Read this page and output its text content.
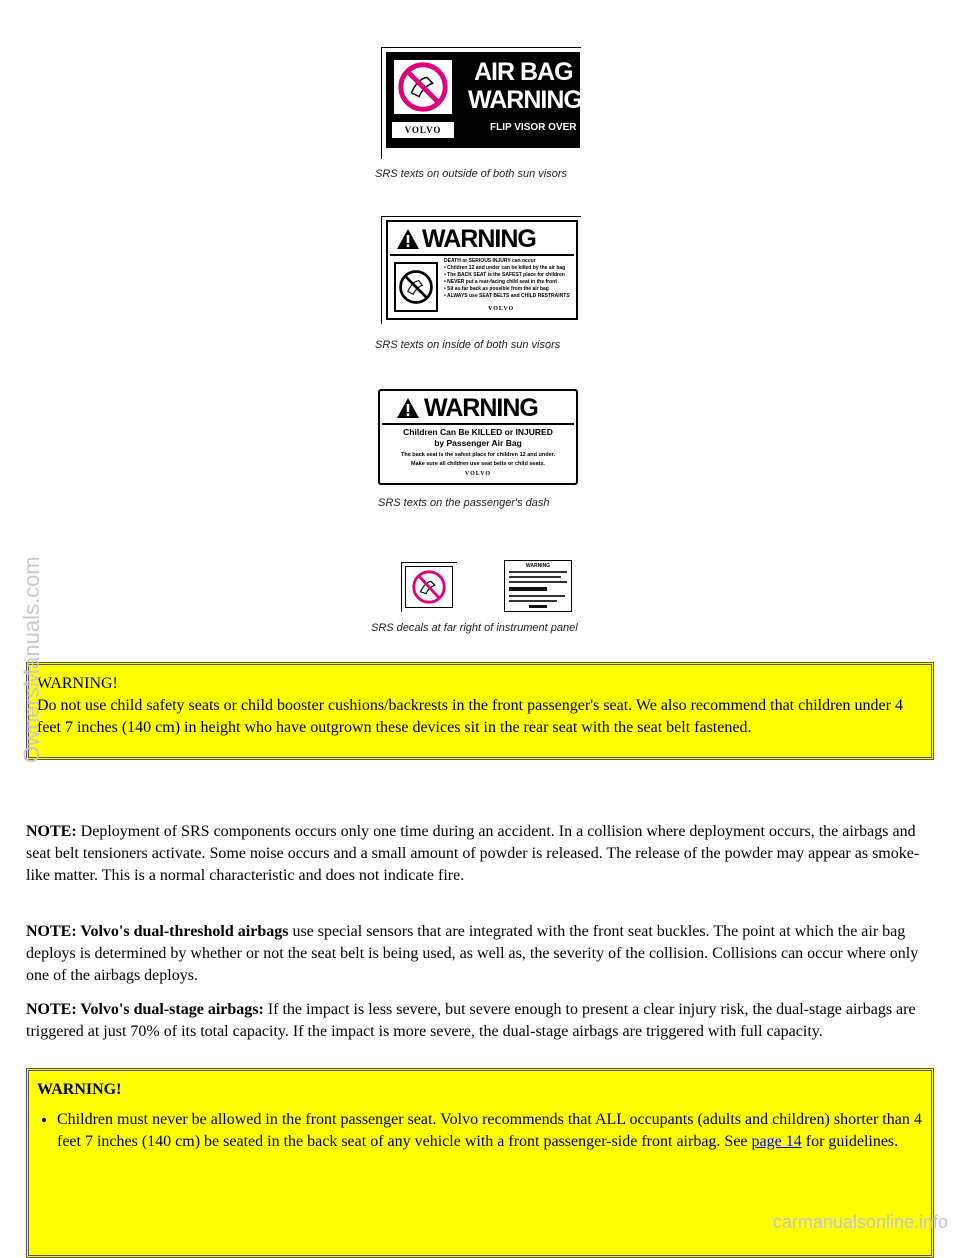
AIR BAG
WARNING
FLIP VISOR OVER
VOLVO
SRS texts on outside of both sun visors
WARNING
DEATH or SERIOUS INJURY can occur
• Children 12 and under can be killed by the air bag
• The BACK SEAT is the SAFEST place for children
• NEVER put a rear-facing child seat in the front
• Sit as far back as possible from the air bag
• ALWAYS use SEAT BELTS and CHILD RESTRAINTS
VOLVO
SRS texts on inside of both sun visors
WARNING
Children Can Be KILLED or INJURED
by Passenger Air Bag
The back seat is the safest place for children 12 and under.
Make sure all children use seat belts or child seats.
VOLVO
SRS texts on the passenger's dash
WARNING
SRS decals at far right of instrument panel
WARNING!
Do not use child safety seats or child booster cushions/backrests in the front passenger's seat. We also recommend that children under 4 feet 7 inches (140 cm) in height who have outgrown these devices sit in the rear seat with the seat belt fastened.

NOTE: Deployment of SRS components occurs only one time during an accident. In a collision where deployment occurs, the airbags and seat belt tensioners activate. Some noise occurs and a small amount of powder is released. The release of the powder may appear as smoke-like matter. This is a normal characteristic and does not indicate fire.

NOTE: Volvo's dual-threshold airbags use special sensors that are integrated with the front seat buckles. The point at which the air bag deploys is determined by whether or not the seat belt is being used, as well as, the severity of the collision. Collisions can occur where only one of the airbags deploys.

NOTE: Volvo's dual-stage airbags: If the impact is less severe, but severe enough to present a clear injury risk, the dual-stage airbags are triggered at just 70% of its total capacity. If the impact is more severe, the dual-stage airbags are triggered with full capacity.

WARNING!
• Children must never be allowed in the front passenger seat. Volvo recommends that ALL occupants (adults and children) shorter than 4 feet 7 inches (140 cm) be seated in the back seat of any vehicle with a front passenger-side front airbag. See page 14 for guidelines.
OwnersManuals.com
carmanualsonline.info
